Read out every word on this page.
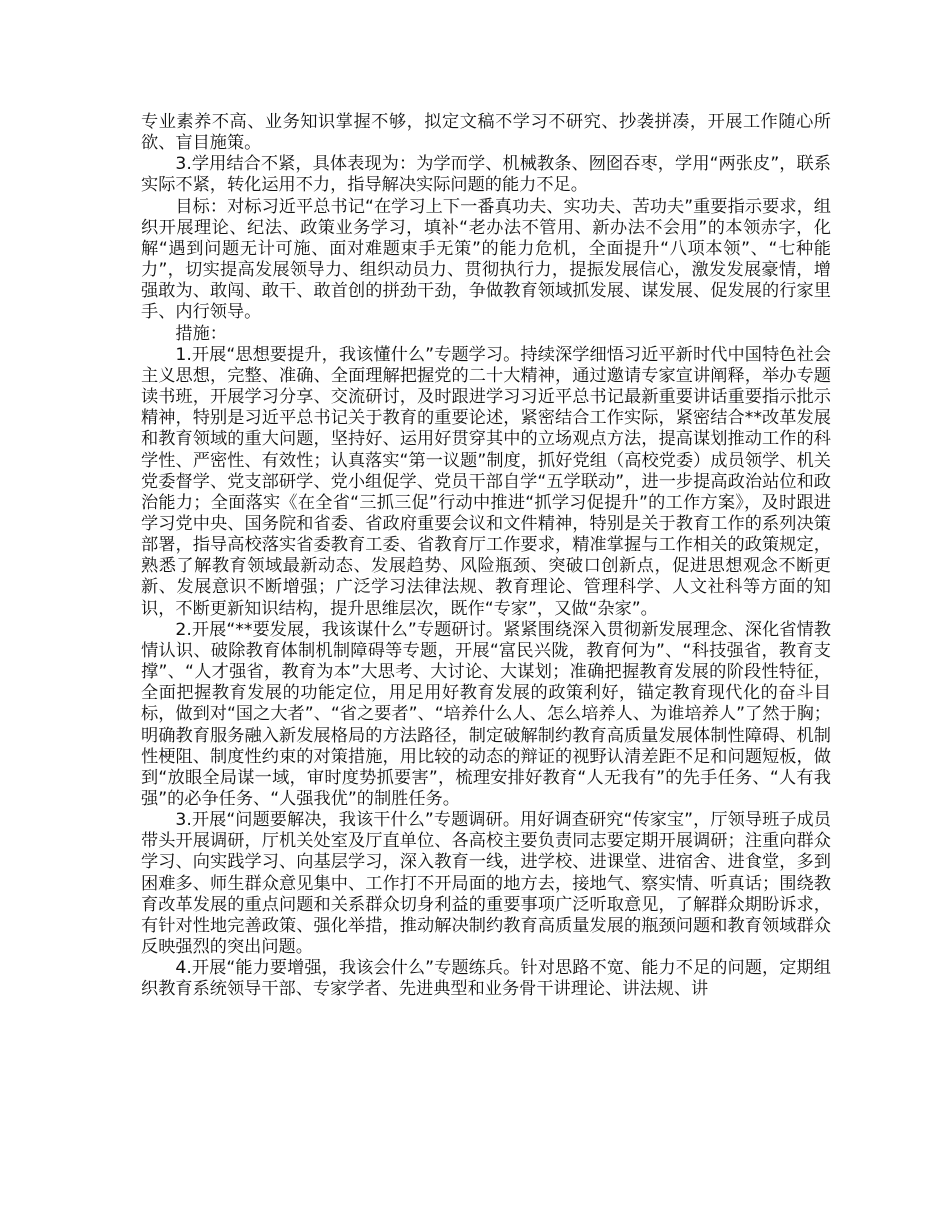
专业素养不高、业务知识掌握不够，拟定文稿不学习不研究、抄袭拼凑，开展工作随心所欲、盲目施策。

3.学用结合不紧，具体表现为：为学而学、机械教条、囫囵吞枣，学用“两张皮”，联系实际不紧，转化运用不力，指导解决实际问题的能力不足。

目标：对标习近平总书记“在学习上下一番真功夫、实功夫、苦功夫”重要指示要求，组织开展理论、纪法、政策业务学习，填补“老办法不管用、新办法不会用”的本领赤字，化解“遇到问题无计可施、面对难题束手无策”的能力危机，全面提升“八项本领”、“七种能力”，切实提高发展领导力、组织动员力、贯彻执行力，提振发展信心，激发发展豪情，增强敢为、敢闯、敢干、敢首创的拼劲干劲，争做教育领域抓发展、谋发展、促发展的行家里手、内行领导。

措施：

1.开展“思想要提升，我该懂什么”专题学习。持续深学细悟习近平新时代中国特色社会主义思想，完整、准确、全面理解把握党的二十大精神，通过邀请专家宣讲阐释，举办专题读书班，开展学习分享、交流研讨，及时跟进学习习近平总书记最新重要讲话重要指示批示精神，特别是习近平总书记关于教育的重要论述，紧密结合工作实际，紧密结合**改革发展和教育领域的重大问题，坚持好、运用好贯穿其中的立场观点方法，提高谋划推动工作的科学性、严密性、有效性；认真落实“第一议题”制度，抓好党组（高校党委）成员领学、机关党委督学、党支部研学、党小组促学、党员干部自学“五学联动”，进一步提高政治站位和政治能力；全面落实《在全省“三抓三促”行动中推进“抓学习促提升”的工作方案》，及时跟进学习党中央、国务院和省委、省政府重要会议和文件精神，特别是关于教育工作的系列决策部署，指导高校落实省委教育工委、省教育厅工作要求，精准掌握与工作相关的政策规定，熟悉了解教育领域最新动态、发展趋势、风险瓶颈、突破口创新点，促进思想观念不断更新、发展意识不断增强；广泛学习法律法规、教育理论、管理科学、人文社科等方面的知识，不断更新知识结构，提升思维层次，既作“专家”，又做“杂家”。

2.开展“**要发展，我该谋什么”专题研讨。紧紧围绕深入贯彻新发展理念、深化省情教情认识、破除教育体制机制障碍等专题，开展“富民兴陇，教育何为”、“科技强省，教育支撑”、“人才强省，教育为本”大思考、大讨论、大谋划；准确把握教育发展的阶段性特征，全面把握教育发展的功能定位，用足用好教育发展的政策利好，锚定教育现代化的奋斗目标，做到对“国之大者”、“省之要者”、“培养什么人、怎么培养人、为谁培养人”了然于胸；明确教育服务融入新发展格局的方法路径，制定破解制约教育高质量发展体制性障碍、机制性梗阻、制度性约束的对策措施，用比较的动态的辩证的视野认清差距不足和问题短板，做到“放眼全局谋一域，审时度势抓要害”，梳理安排好教育“人无我有”的先手任务、“人有我强”的必争任务、“人强我优”的制胜任务。

3.开展“问题要解决，我该干什么”专题调研。用好调查研究“传家宝”，厅领导班子成员带头开展调研，厅机关处室及厅直单位、各高校主要负责同志要定期开展调研；注重向群众学习、向实践学习、向基层学习，深入教育一线，进学校、进课堂、进宿舍、进食堂，多到困难多、师生群众意见集中、工作打不开局面的地方去，接地气、察实情、听真话；围绕教育改革发展的重点问题和关系群众切身利益的重要事项广泛听取意见，了解群众期盼诉求，有针对性地完善政策、强化举措，推动解决制约教育高质量发展的瓶颈问题和教育领域群众反映强烈的突出问题。

4.开展“能力要增强，我该会什么”专题练兵。针对思路不宽、能力不足的问题，定期组织教育系统领导干部、专家学者、先进典型和业务骨干讲理论、讲法规、讲
